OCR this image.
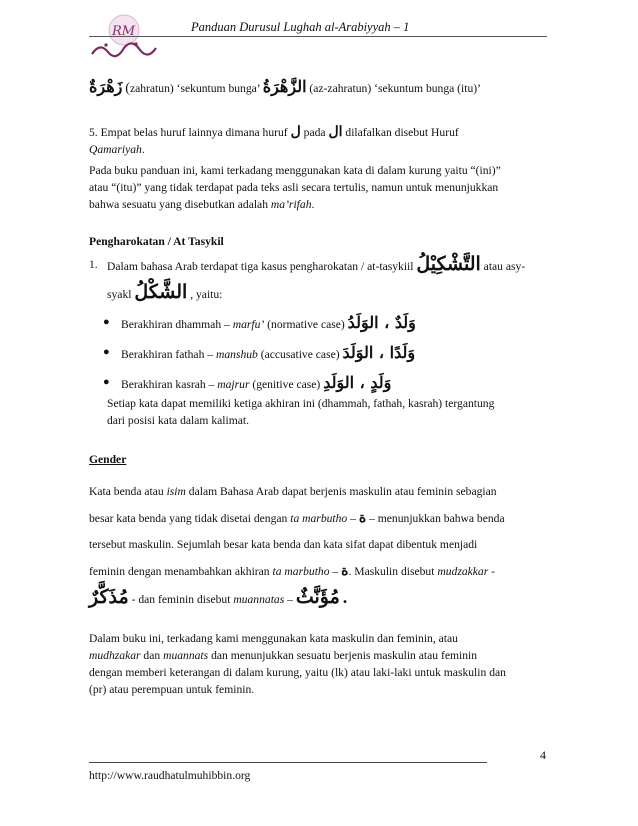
RM	Panduan Durusul Lughah al-Arabiyyah – 1
زَهْرَةٌ (zahratun) ‘sekuntum bunga’ الزَّهْرَةُ (az-zahratun) ‘sekuntum bunga (itu)’
5. Empat belas huruf lainnya dimana huruf ل pada ال dilafalkan disebut Huruf
Qamariyah.
Pada buku panduan ini, kami terkadang menggunakan kata di dalam kurung yaitu “(ini)”
atau “(itu)” yang tidak terdapat pada teks asli secara tertulis, namun untuk menunjukkan
bahwa sesuatu yang disebutkan adalah ma’rifah.
Pengharokatan / At Tasykil
1. Dalam bahasa Arab terdapat tiga kasus pengharokatan / at-tasykiil التَّشْكِيْلُ atau asy-
syakl الشَّكْلُ , yaitu:
● Berakhiran dhammah – marfu’ (normative case) وَلَدٌ ، الوَلَدُ
● Berakhiran fathah – manshub (accusative case) وَلَدًا ، الوَلَدَ
● Berakhiran kasrah – majrur (genitive case) وَلَدٍ ، الوَلَدِ
Setiap kata dapat memiliki ketiga akhiran ini (dhammah, fathah, kasrah) tergantung
dari posisi kata dalam kalimat.
Gender
Kata benda atau isim dalam Bahasa Arab dapat berjenis maskulin atau feminin sebagian
besar kata benda yang tidak disetai dengan ta marbutho – ة – menunjukkan bahwa benda
tersebut maskulin. Sejumlah besar kata benda dan kata sifat dapat dibentuk menjadi
feminin dengan menambahkan akhiran ta marbutho – ة. Maskulin disebut mudzakkar -
مُذَكَّرٌ - dan feminin disebut muannatas – مُؤَنَّثٌ .
Dalam buku ini, terkadang kami menggunakan kata maskulin dan feminin, atau
mudhzakar dan muannats dan menunjukkan sesuatu berjenis maskulin atau feminin
dengan memberi keterangan di dalam kurung, yaitu (lk) atau laki-laki untuk maskulin dan
(pr) atau perempuan untuk feminin.
4
http://www.raudhatulmuhibbin.org
